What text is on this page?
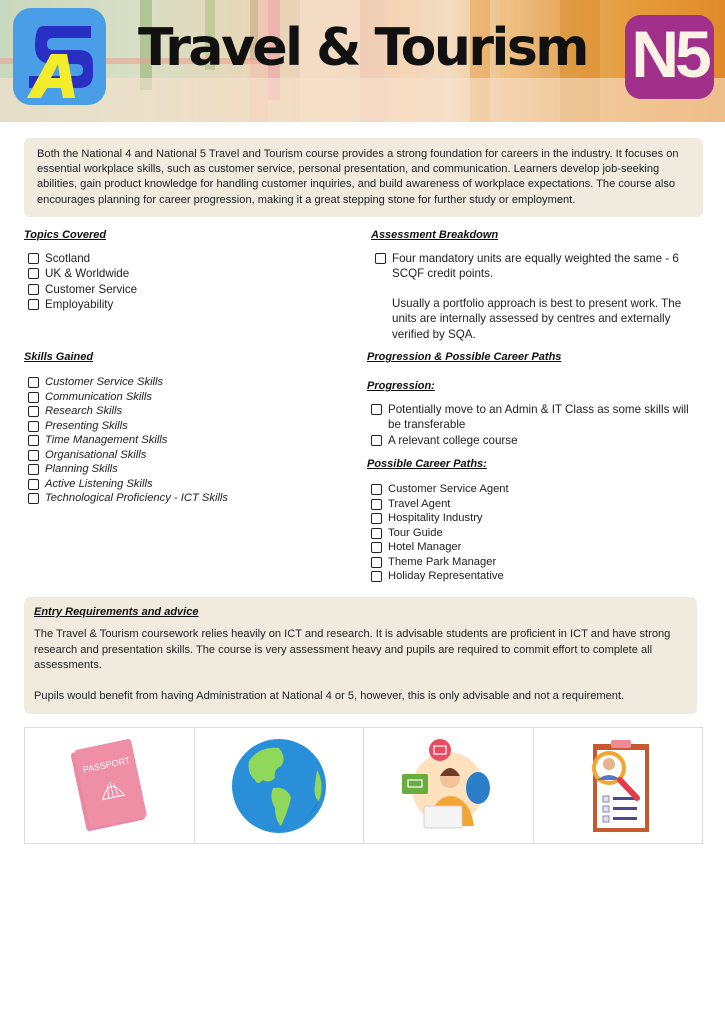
Travel & Tourism N5
Both the National 4 and National 5 Travel and Tourism course provides a strong foundation for careers in the industry. It focuses on essential workplace skills, such as customer service, personal presentation, and communication. Learners develop job-seeking abilities, gain product knowledge for handling customer inquiries, and build awareness of workplace expectations. The course also encourages planning for career progression, making it a great stepping stone for further study or employment.
Topics Covered
Scotland
UK & Worldwide
Customer Service
Employability
Skills Gained
Customer Service Skills
Communication Skills
Research Skills
Presenting Skills
Time Management Skills
Organisational Skills
Planning Skills
Active Listening Skills
Technological Proficiency - ICT Skills
Assessment Breakdown
Four mandatory units are equally weighted the same - 6 SCQF credit points.
Usually a portfolio approach is best to present work. The units are internally assessed by centres and externally verified by SQA.
Progression & Possible Career Paths
Progression:
Potentially move to an Admin & IT Class as some skills will be transferable
A relevant college course
Possible Career Paths:
Customer Service Agent
Travel Agent
Hospitality Industry
Tour Guide
Hotel Manager
Theme Park Manager
Holiday Representative
Entry Requirements and advice

The Travel & Tourism coursework relies heavily on ICT and research. It is advisable students are proficient in ICT and have strong research and presentation skills. The course is very assessment heavy and pupils are required to commit effort to complete all assessments.

Pupils would benefit from having Administration at National 4 or 5, however, this is only advisable and not a requirement.

PASSPORT
